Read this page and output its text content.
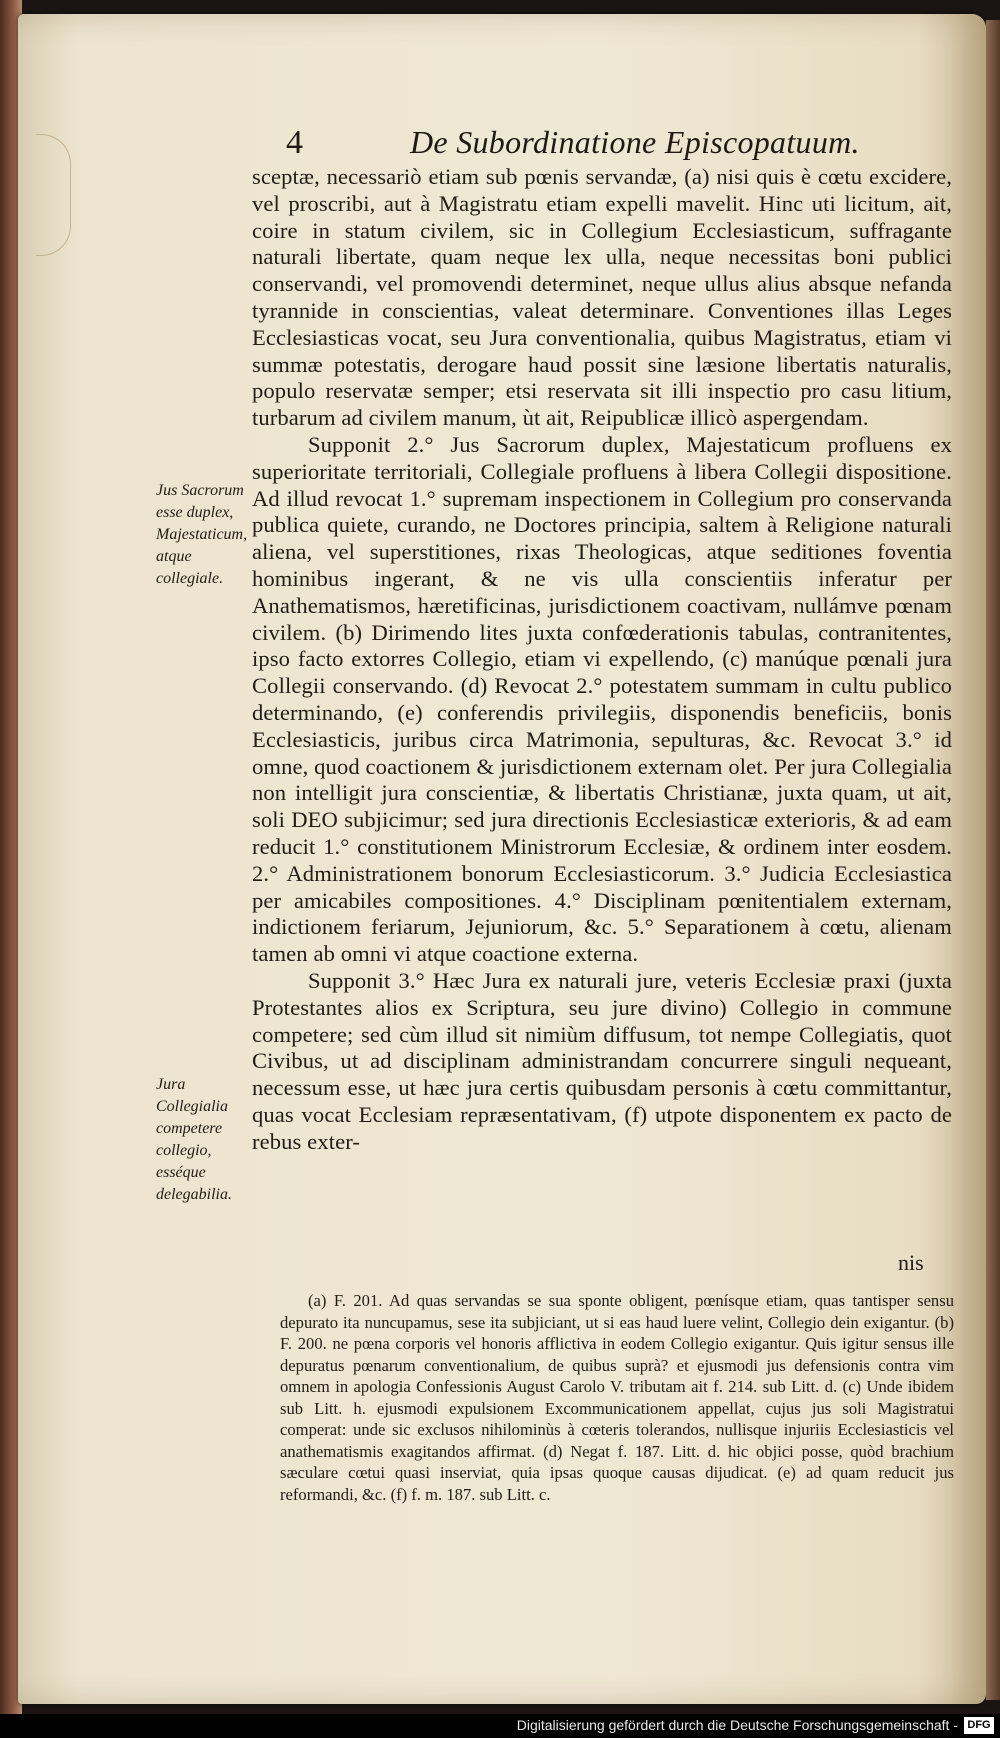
4	De Subordinatione Episcopatuum.

sceptæ, necessariò etiam sub pœnis servandæ, (a) nisi quis è cœtu excidere, vel proscribi, aut à Magistratu etiam expelli mavelit. Hinc uti licitum, ait, coire in statum civilem, sic in Collegium Ecclesiasticum, suffragante naturali libertate, quam neque lex ulla, neque necessitas boni publici conservandi, vel promovendi determinet, neque ullus alius absque nefanda tyrannide in conscientias, valeat determinare. Conventiones illas Leges Ecclesiasticas vocat, seu Jura conventionalia, quibus Magistratus, etiam vi summæ potestatis, derogare haud possit sine læsione libertatis naturalis, populo reservatæ semper; etsi reservata sit illi inspectio pro casu litium, turbarum ad civilem manum, ùt ait, Reipublicæ illicò aspergendam.

Supponit 2.° Jus Sacrorum duplex, Majestaticum profluens ex superioritate territoriali, Collegiale profluens à libera Collegii dispositione. Ad illud revocat 1.° supremam inspectionem in Collegium pro conservanda publica quiete, curando, ne Doctores principia, saltem à Religione naturali aliena, vel superstitiones, rixas Theologicas, atque seditiones foventia hominibus ingerant, & ne vis ulla conscientiis inferatur per Anathematismos, hæretificinas, jurisdictionem coactivam, nullámve pœnam civilem. (b) Dirimendo lites juxta confœderationis tabulas, contranitentes, ipso facto extorres Collegio, etiam vi expellendo, (c) manúque pœnali jura Collegii conservando. (d) Revocat 2.° potestatem summam in cultu publico determinando, (e) conferendis privilegiis, disponendis beneficiis, bonis Ecclesiasticis, juribus circa Matrimonia, sepulturas, &c. Revocat 3.° id omne, quod coactionem & jurisdictionem externam olet. Per jura Collegialia non intelligit jura conscientiæ, & libertatis Christianæ, juxta quam, ut ait, soli DEO subjicimur; sed jura directionis Ecclesiasticæ exterioris, & ad eam reducit 1.° constitutionem Ministrorum Ecclesiæ, & ordinem inter eosdem. 2.° Administrationem bonorum Ecclesiasticorum. 3.° Judicia Ecclesiastica per amicabiles compositiones. 4.° Disciplinam pœnitentialem externam, indictionem feriarum, Jejuniorum, &c. 5.° Separationem à cœtu, alienam tamen ab omni vi atque coactione externa.

Supponit 3.° Hæc Jura ex naturali jure, veteris Ecclesiæ praxi (juxta Protestantes alios ex Scriptura, seu jure divino) Collegio in commune competere; sed cùm illud sit nimiùm diffusum, tot nempe Collegiatis, quot Civibus, ut ad disciplinam administrandam concurrere singuli nequeant, necessum esse, ut hæc jura certis quibusdam personis à cœtu committantur, quas vocat Ecclesiam repræsentativam, (f) utpote disponentem ex pacto de rebus exter-

Jus Sacrorum esse duplex, Majestaticum, atque collegiale.
Jura Collegialia competere collegio, esséque delegabilia.
nis

(a) F. 201. Ad quas servandas se sua sponte obligent, pœnísque etiam, quas tantisper sensu depurato ita nuncupamus, sese ita subjiciant, ut si eas haud luere velint, Collegio dein exigantur. (b) F. 200. ne pœna corporis vel honoris afflictiva in eodem Collegio exigantur. Quis igitur sensus ille depuratus pœnarum conventionalium, de quibus suprà? et ejusmodi jus defensionis contra vim omnem in apologia Confessionis August Carolo V. tributam ait f. 214. sub Litt. d. (c) Unde ibidem sub Litt. h. ejusmodi expulsionem Excommunicationem appellat, cujus jus soli Magistratui comperat: unde sic exclusos nihilominùs à cœteris tolerandos, nullisque injuriis Ecclesiasticis vel anathematismis exagitandos affirmat. (d) Negat f. 187. Litt. d. hic objici posse, quòd brachium sæculare cœtui quasi inserviat, quia ipsas quoque causas dijudicat. (e) ad quam reducit jus reformandi, &c. (f) f. m. 187. sub Litt. c.

Digitalisierung gefördert durch die Deutsche Forschungsgemeinschaft - DFG
